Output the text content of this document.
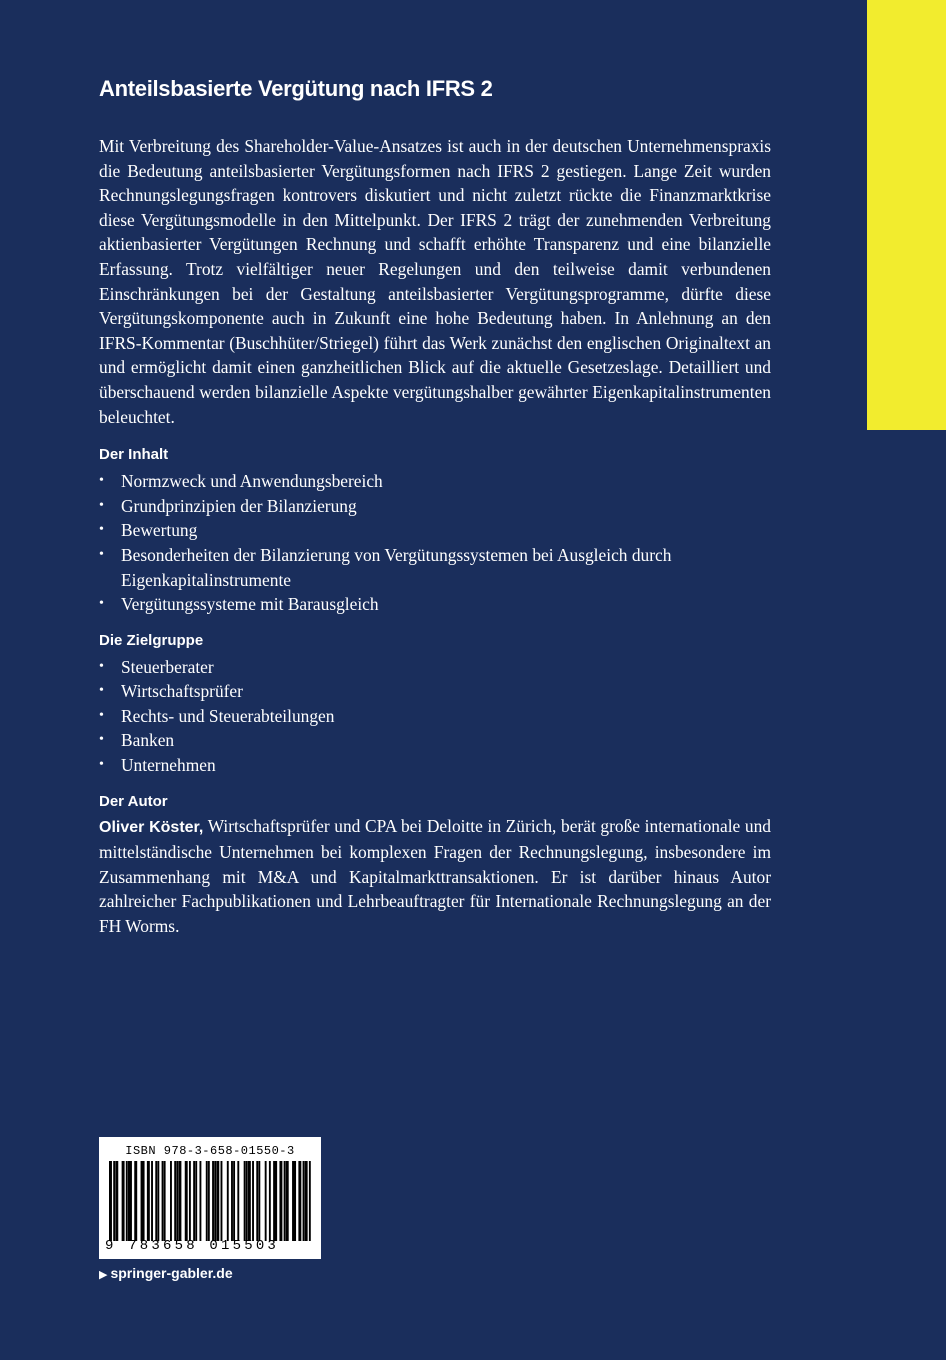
Anteilsbasierte Vergütung nach IFRS 2

Mit Verbreitung des Shareholder-Value-Ansatzes ist auch in der deutschen Unternehmenspraxis die Bedeutung anteilsbasierter Vergütungsformen nach IFRS 2 gestiegen. Lange Zeit wurden Rechnungslegungsfragen kontrovers diskutiert und nicht zuletzt rückte die Finanzmarktkrise diese Vergütungsmodelle in den Mittelpunkt. Der IFRS 2 trägt der zunehmenden Verbreitung aktienbasierter Vergütungen Rechnung und schafft erhöhte Transparenz und eine bilanzielle Erfassung. Trotz vielfältiger neuer Regelungen und den teilweise damit verbundenen Einschränkungen bei der Gestaltung anteilsbasierter Vergütungsprogramme, dürfte diese Vergütungskomponente auch in Zukunft eine hohe Bedeutung haben. In Anlehnung an den IFRS-Kommentar (Buschhüter/Striegel) führt das Werk zunächst den englischen Originaltext an und ermöglicht damit einen ganzheitlichen Blick auf die aktuelle Gesetzeslage. Detailliert und überschauend werden bilanzielle Aspekte vergütungshalber gewährter Eigenkapitalinstrumenten beleuchtet.

Der Inhalt
• Normzweck und Anwendungsbereich
• Grundprinzipien der Bilanzierung
• Bewertung
• Besonderheiten der Bilanzierung von Vergütungssystemen bei Ausgleich durch Eigenkapitalinstrumente
• Vergütungssysteme mit Barausgleich
Die Zielgruppe
• Steuerberater
• Wirtschaftsprüfer
• Rechts- und Steuerabteilungen
• Banken
• Unternehmen
Der Autor

Oliver Köster, Wirtschaftsprüfer und CPA bei Deloitte in Zürich, berät große internationale und mittelständische Unternehmen bei komplexen Fragen der Rechnungslegung, insbesondere im Zusammenhang mit M&A und Kapitalmarkttransaktionen. Er ist darüber hinaus Autor zahlreicher Fachpublikationen und Lehrbeauftragter für Internationale Rechnungslegung an der FH Worms.

ISBN 978-3-658-01550-3
9 783658 015503
▶ springer-gabler.de
